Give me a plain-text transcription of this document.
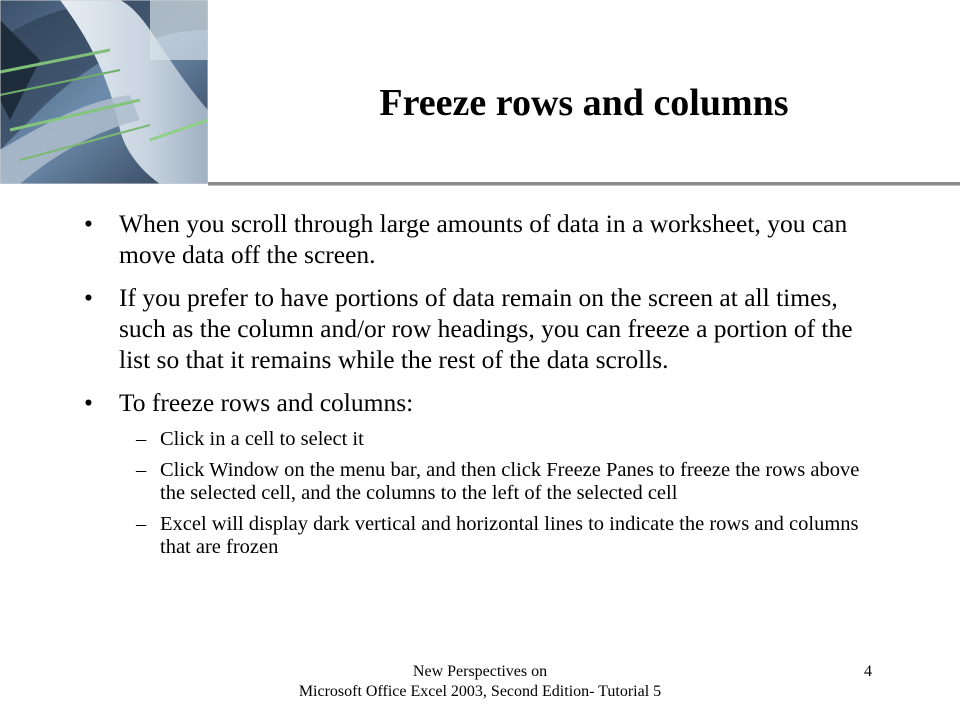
Freeze rows and columns
• When you scroll through large amounts of data in a worksheet, you can move data off the screen.
• If you prefer to have portions of data remain on the screen at all times, such as the column and/or row headings, you can freeze a portion of the list so that it remains while the rest of the data scrolls.
• To freeze rows and columns:
– Click in a cell to select it
– Click Window on the menu bar, and then click Freeze Panes to freeze the rows above the selected cell, and the columns to the left of the selected cell
– Excel will display dark vertical and horizontal lines to indicate the rows and columns that are frozen
New Perspectives on
Microsoft Office Excel 2003, Second Edition- Tutorial 5
4
